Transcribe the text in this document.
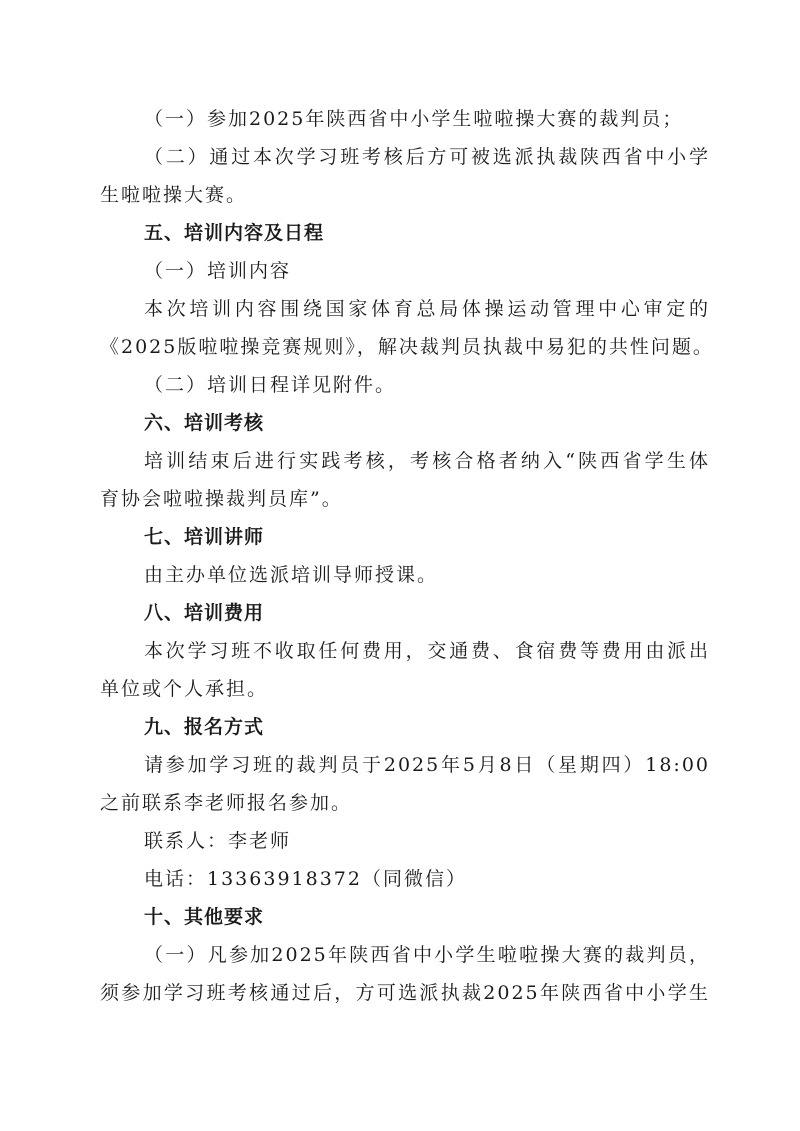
（一）参加2025年陕西省中小学生啦啦操大赛的裁判员；
（二）通过本次学习班考核后方可被选派执裁陕西省中小学
生啦啦操大赛。
五、培训内容及日程
（一）培训内容
本次培训内容围绕国家体育总局体操运动管理中心审定的
《2025版啦啦操竞赛规则》，解决裁判员执裁中易犯的共性问题。
（二）培训日程详见附件。
六、培训考核
培训结束后进行实践考核，考核合格者纳入“陕西省学生体
育协会啦啦操裁判员库”。
七、培训讲师
由主办单位选派培训导师授课。
八、培训费用
本次学习班不收取任何费用，交通费、食宿费等费用由派出
单位或个人承担。
九、报名方式
请参加学习班的裁判员于2025年5月8日（星期四）18:00
之前联系李老师报名参加。
联系人：李老师
电话：13363918372（同微信）
十、其他要求
（一）凡参加2025年陕西省中小学生啦啦操大赛的裁判员，
须参加学习班考核通过后，方可选派执裁2025年陕西省中小学生
